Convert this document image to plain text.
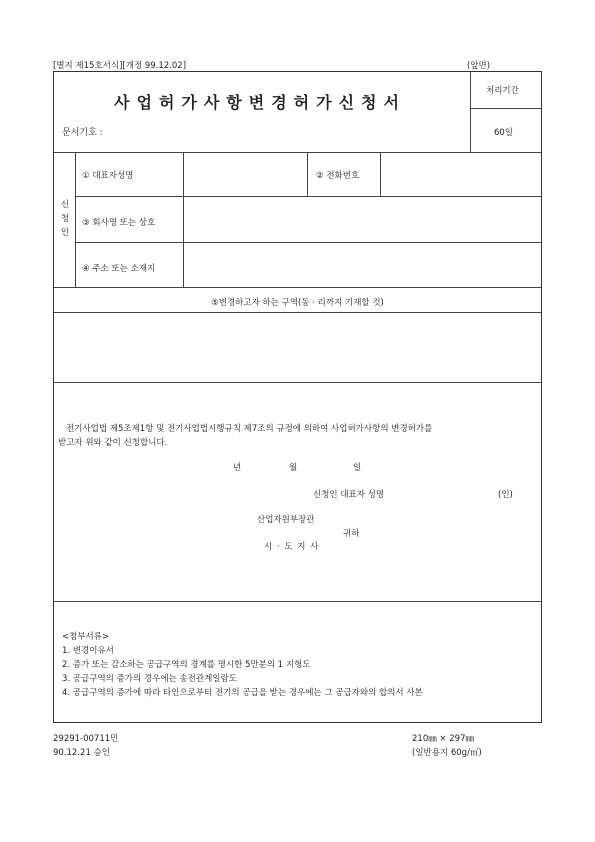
[별지 제15호서식][개정 99.12.02]	(앞면)
사업허가사항변경허가신청서
문서기호 :
처리기간
60일
신 청 인
① 대표자성명	② 전화번호
③ 회사명 또는 상호
④ 주소 또는 소재지
⑤변경하고자 하는 구역(동 · 리까지 기재할 것)
전기사업법 제5조제1항 및 전기사업법시행규칙 제7조의 규정에 의하여 사업허가사항의 변경허가를
받고자 위와 같이 신청합니다.
년	월	일
신청인 대표자 성명	(인)
산업자원부장관
귀하
시 · 도 지 사
<첨부서류>
1. 변경이유서
2. 증가 또는 감소하는 공급구역의 경계를 명시한 5만분의 1 지형도
3. 공급구역의 증가의 경우에는 송전관계일람도
4. 공급구역의 증가에 따라 타인으로부터 전기의 공급을 받는 경우에는 그 공급자와의 합의서 사본
29291-00711민
90.12.21 승인
210㎜ × 297㎜
(일반용지 60g/㎡)
